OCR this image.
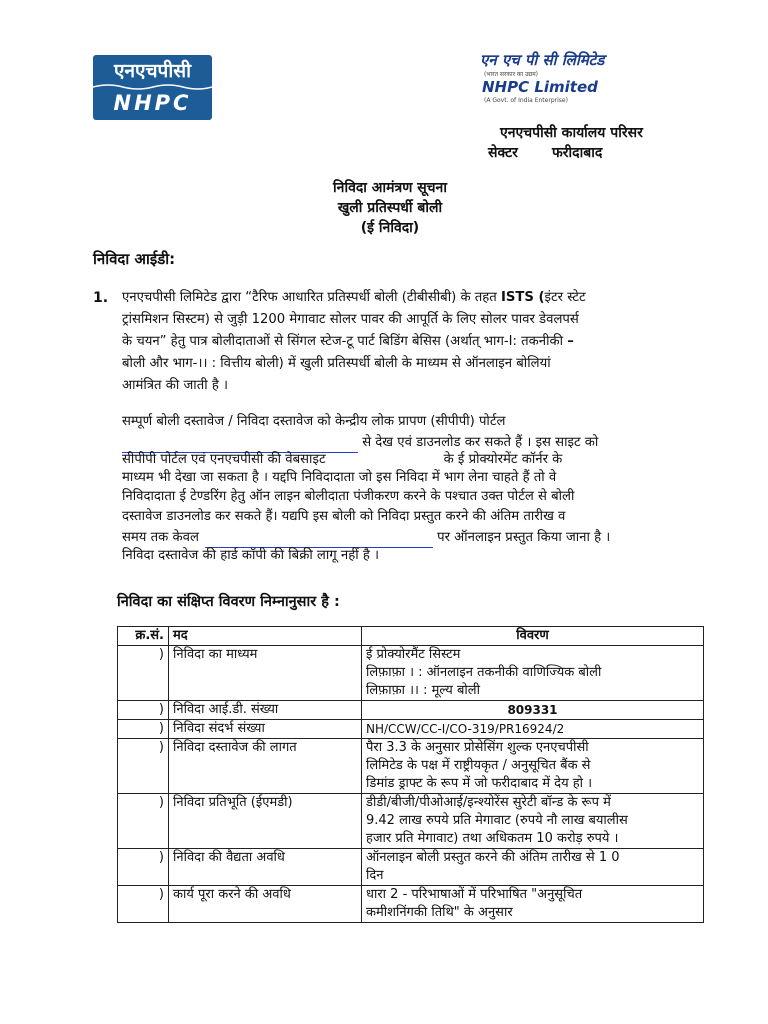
एनएचपीसी
NHPC
एन एच पी सी लिमिटेड
(भारत सरकार का उद्यम)
NHPC Limited
(A Govt. of India Enterprise)
एनएचपीसी कार्यालय परिसर
सेक्टर       फरीदाबाद
निविदा आमंत्रण सूचना
खुली प्रतिस्पर्धी बोली
(ई निविदा)
निविदा आईडी:
1. एनएचपीसी लिमिटेड द्वारा “टैरिफ आधारित प्रतिस्पर्धी बोली (टीबीसीबी) के तहत ISTS (इंटर स्टेट
ट्रांसमिशन सिस्टम) से जुड़ी 1200 मेगावाट सोलर पावर की आपूर्ति के लिए सोलर पावर डेवलपर्स
के चयन” हेतु पात्र बोलीदाताओं से सिंगल स्टेज-टू पार्ट बिडिंग बेसिस (अर्थात् भाग-I: तकनीकी –
बोली और भाग-।। : वित्तीय बोली) में खुली प्रतिस्पर्धी बोली के माध्यम से ऑनलाइन बोलियां
आमंत्रित की जाती है ।
सम्पूर्ण बोली दस्तावेज / निविदा दस्तावेज को केन्द्रीय लोक प्रापण (सीपीपी) पोर्टल
से देख एवं डाउनलोड कर सकते हैं । इस साइट को
सीपीपी पोर्टल एवं एनएचपीसी की वेबसाइट	के ई प्रोक्योरमेंट कॉर्नर के
माध्यम भी देखा जा सकता है । यद्दपि निविदादाता जो इस निविदा में भाग लेना चाहते हैं तो वे
निविदादाता ई टेण्डरिंग हेतु ऑन लाइन बोलीदाता पंजीकरण करने के पश्चात उक्त पोर्टल से बोली
दस्तावेज डाउनलोड कर सकते हैं। यद्यपि इस बोली को निविदा प्रस्तुत करने की अंतिम तारीख व
समय तक केवल	पर ऑनलाइन प्रस्तुत किया जाना है ।
निविदा दस्तावेज की हार्ड कॉपी की बिक्री लागू नहीं है ।
निविदा का संक्षिप्त विवरण निम्नानुसार है :
क्र.सं.	मद	विवरण
)	निविदा का माध्यम	ई प्रोक्योरमैंट सिस्टम
लिफ़ाफ़ा । : ऑनलाइन तकनीकी वाणिज्यिक बोली
लिफ़ाफ़ा ।। : मूल्य बोली

)	निविदा आई.डी. संख्या	809331
)	निविदा संदर्भ संख्या	NH/CCW/CC-I/CO-319/PR16924/2
)	निविदा दस्तावेज की लागत	पैरा 3.3 के अनुसार प्रोसेसिंग शुल्क एनएचपीसी
लिमिटेड के पक्ष में राष्ट्रीयकृत / अनुसूचित बैंक से
डिमांड ड्राफ्ट के रूप में जो फरीदाबाद में देय हो ।

)	निविदा प्रतिभूति (ईएमडी)	डीडी/बीजी/पीओआई/इन्श्योरेंस सुरेटी बॉन्ड के रूप में
9.42 लाख रुपये प्रति मेगावाट (रुपये नौ लाख बयालीस
हजार प्रति मेगावाट) तथा अधिकतम 10 करोड़ रुपये ।

)	निविदा की वैद्यता अवधि	ऑनलाइन बोली प्रस्तुत करने की अंतिम तारीख से 1 0
दिन

)	कार्य पूरा करने की अवधि	धारा 2 - परिभाषाओं में परिभाषित "अनुसूचित
कमीशनिंगकी तिथि" के अनुसार
